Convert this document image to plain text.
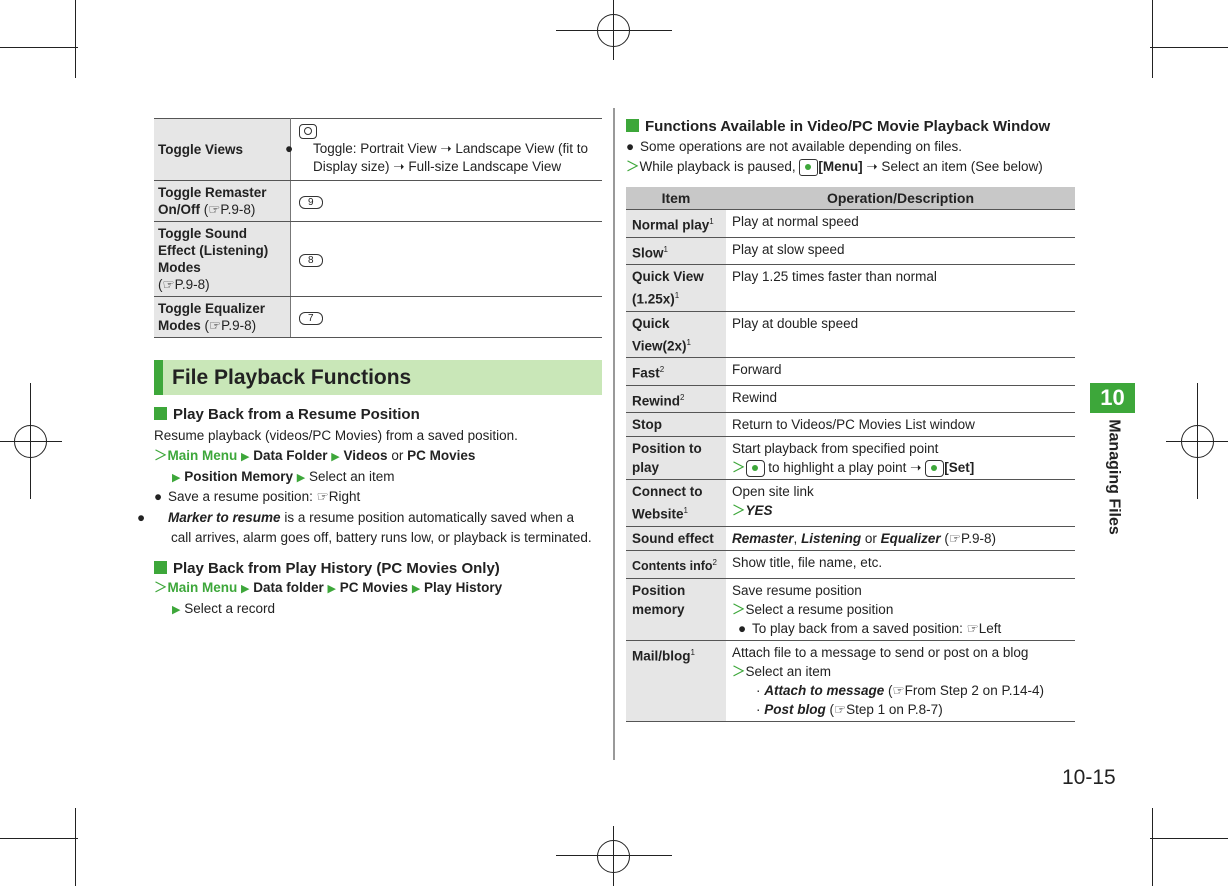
Toggle Views	● Toggle: Portrait View ➝ Landscape View (fit to Display size) ➝ Full-size Landscape View

Toggle Remaster On/Off (☞P.9-8)	9
Toggle Sound Effect (Listening) Modes
(☞P.9-8)	8
Toggle Equalizer Modes (☞P.9-8)	7
File Playback Functions
Play Back from a Resume Position
Resume playback (videos/PC Movies) from a saved position.
＞Main Menu ▶ Data Folder ▶ Videos or PC Movies
▶ Position Memory ▶ Select an item
● Save a resume position: ☞Right
● Marker to resume is a resume position automatically saved when a call arrives, alarm goes off, battery runs low, or playback is terminated.
Play Back from Play History (PC Movies Only)
＞Main Menu ▶ Data folder ▶ PC Movies ▶ Play History
▶ Select a record
Functions Available in Video/PC Movie Playback Window
● Some operations are not available depending on files.
＞While playback is paused, [Menu] ➝ Select an item (See below)
Item	Operation/Description
Normal play$^1$	Play at normal speed
Slow$^1$	Play at slow speed
Quick View $(1.25x)^1$	Play 1.25 times faster than normal
Quick $View(2x)^1$	Play at double speed
Fast$^2$	Forward
Rewind$^2$	Rewind
Stop	Return to Videos/PC Movies List window
Position to play	Start playback from specified point
＞ to highlight a play point ➝ [Set]
Connect to Website$^1$	Open site link
＞YES
Sound effect	Remaster, Listening or Equalizer (☞P.9-8)
Contents info$^2$	Show title, file name, etc.
Position memory	Save resume position
＞Select a resume position
● To play back from a saved position: ☞Left
Mail/blog$^1$	Attach file to a message to send or post on a blog
＞Select an item
· Attach to message (☞From Step 2 on P.14-4)
· Post blog (☞Step 1 on P.8-7)
10
Managing Files
10-15
